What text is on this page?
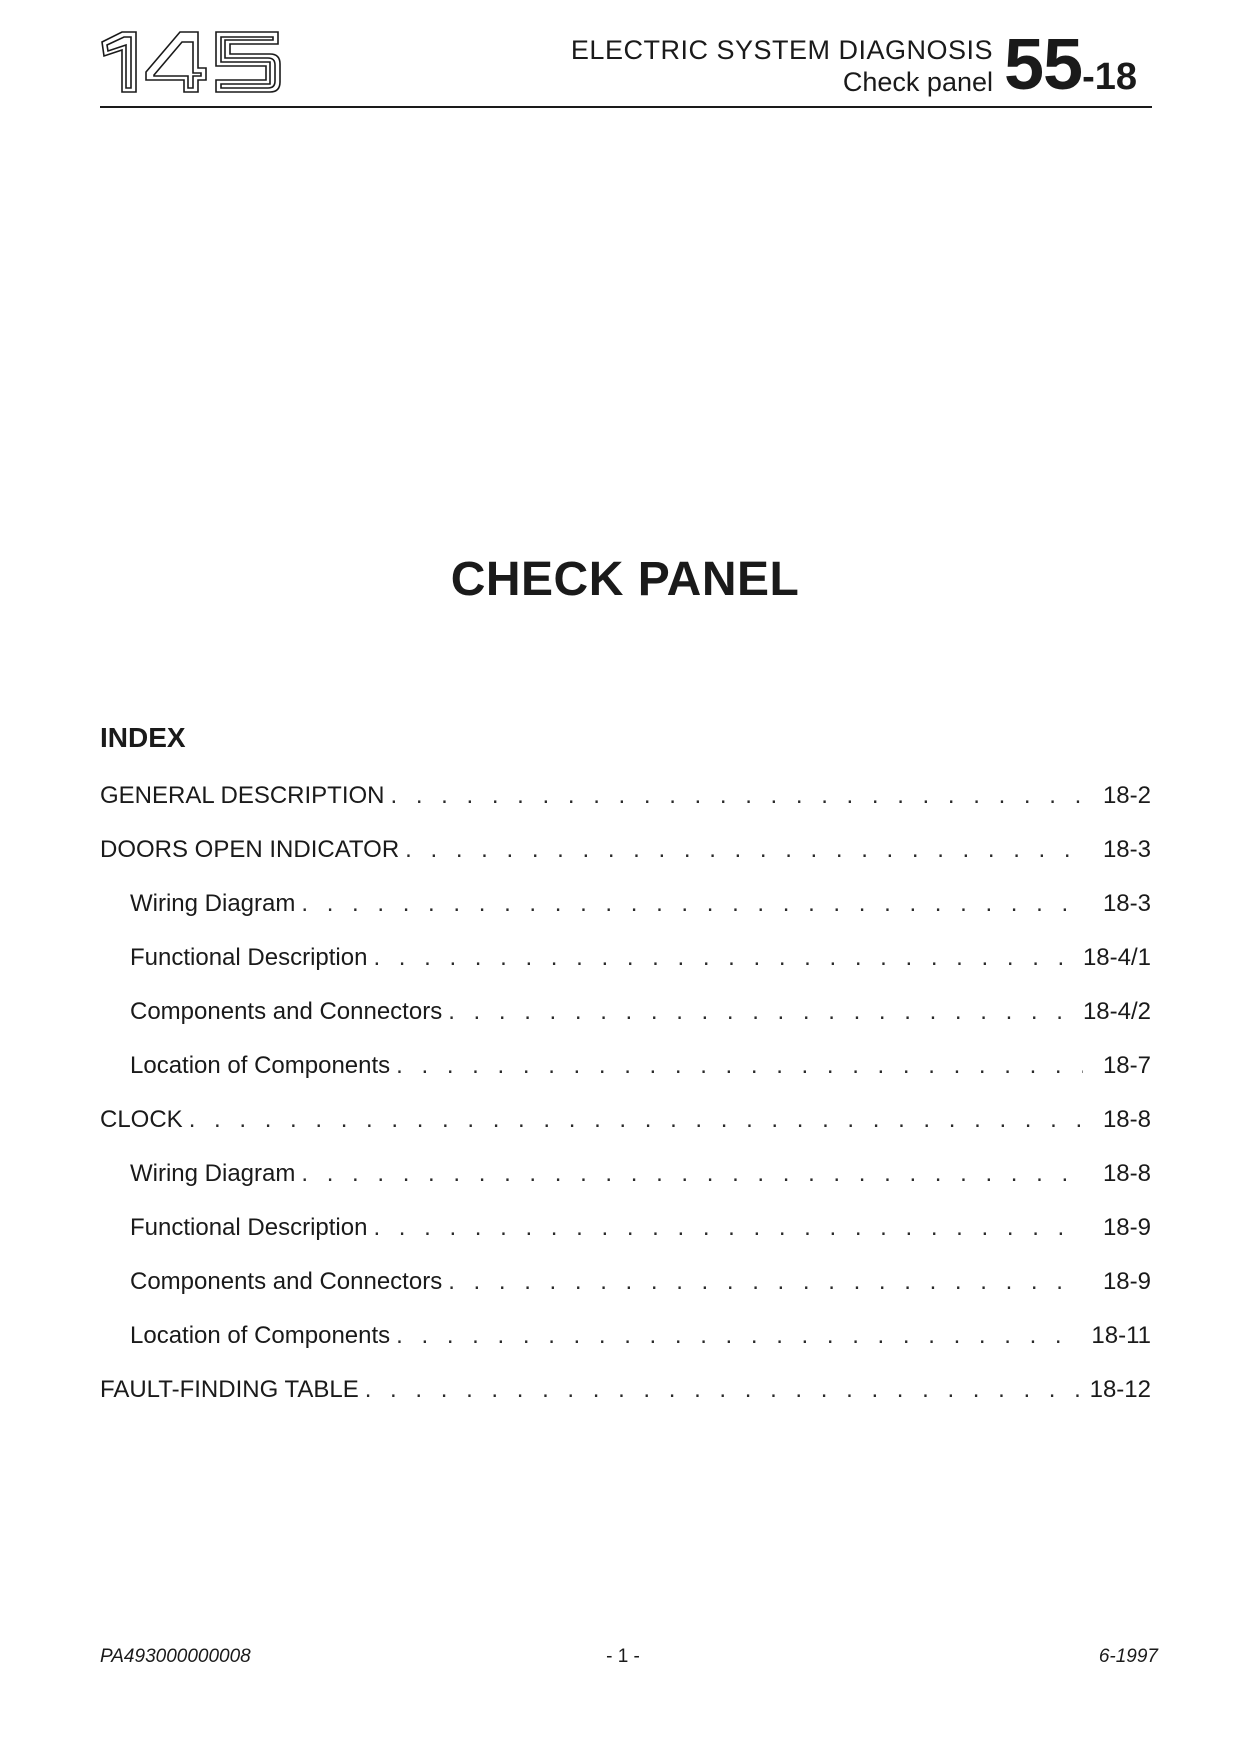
ELECTRIC SYSTEM DIAGNOSIS
Check panel 55-18
CHECK PANEL
INDEX
GENERAL DESCRIPTION . . .	18-2
DOORS OPEN INDICATOR . . .	18-3
Wiring Diagram . . .	18-3
Functional Description . . .	18-4/1
Components and Connectors . . .	18-4/2
Location of Components . . .	18-7
CLOCK . . .	18-8
Wiring Diagram . . .	18-8
Functional Description . . .	18-9
Components and Connectors . . .	18-9
Location of Components . . .	18-11
FAULT-FINDING TABLE . . .	18-12
PA493000000008	- 1 -	6-1997
